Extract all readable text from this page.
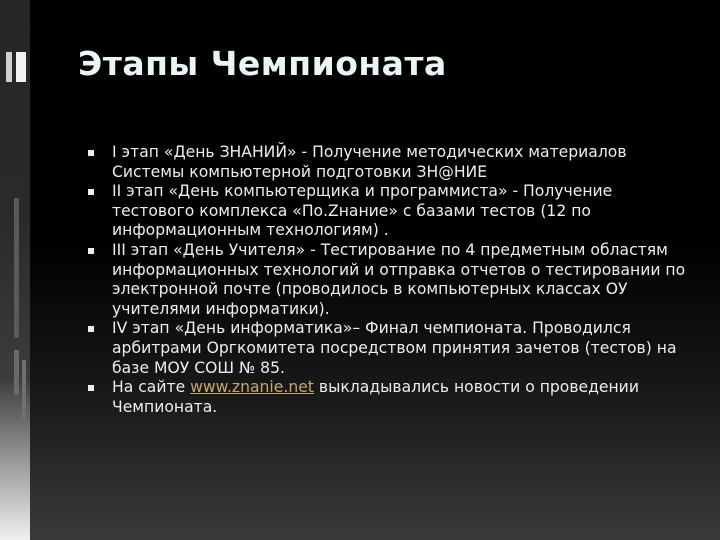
Этапы Чемпионата
I этап «День ЗНАНИЙ» - Получение методических материалов Системы компьютерной подготовки ЗН@НИЕ
II этап «День компьютерщика и программиста» - Получение тестового комплекса «По.Zнание» с базами тестов (12 по информационным технологиям) .
III этап «День Учителя» - Тестирование по 4 предметным областям информационных технологий и отправка отчетов о тестировании по электронной почте (проводилось в компьютерных классах ОУ учителями информатики).
IV этап «День информатика»– Финал чемпионата. Проводился арбитрами Оргкомитета посредством принятия зачетов (тестов) на базе МОУ СОШ № 85.
На сайте www.znanie.net выкладывались новости о проведении Чемпионата.
